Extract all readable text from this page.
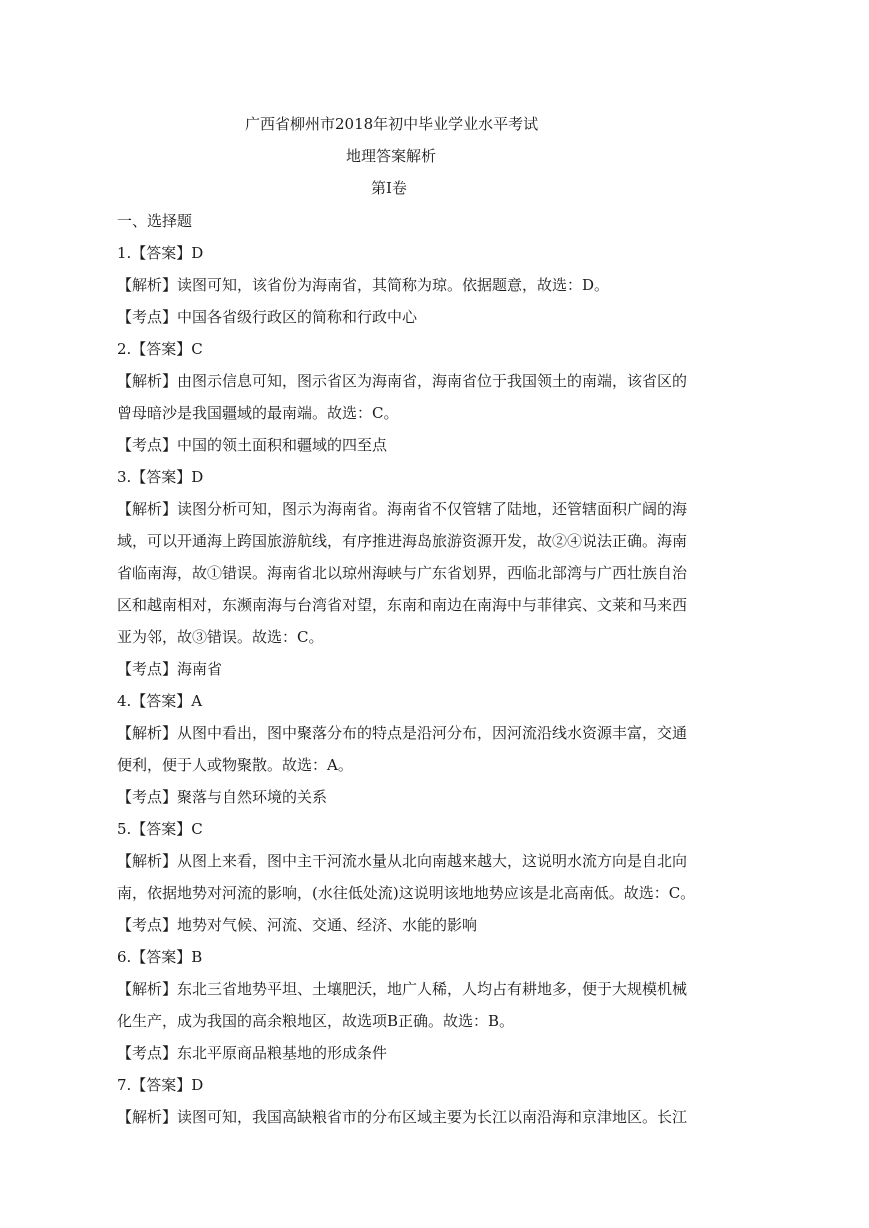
广西省柳州市2018年初中毕业学业水平考试
地理答案解析
第Ⅰ卷
一、选择题
1.【答案】D
【解析】读图可知，该省份为海南省，其简称为琼。依据题意，故选：D。
【考点】中国各省级行政区的简称和行政中心
2.【答案】C
【解析】由图示信息可知，图示省区为海南省，海南省位于我国领土的南端，该省区的
曾母暗沙是我国疆域的最南端。故选：C。
【考点】中国的领土面积和疆域的四至点
3.【答案】D
【解析】读图分析可知，图示为海南省。海南省不仅管辖了陆地，还管辖面积广阔的海
域，可以开通海上跨国旅游航线，有序推进海岛旅游资源开发，故②④说法正确。海南
省临南海，故①错误。海南省北以琼州海峡与广东省划界，西临北部湾与广西壮族自治
区和越南相对，东濒南海与台湾省对望，东南和南边在南海中与菲律宾、文莱和马来西
亚为邻，故③错误。故选：C。
【考点】海南省
4.【答案】A
【解析】从图中看出，图中聚落分布的特点是沿河分布，因河流沿线水资源丰富，交通
便利，便于人或物聚散。故选：A。
【考点】聚落与自然环境的关系
5.【答案】C
【解析】从图上来看，图中主干河流水量从北向南越来越大，这说明水流方向是自北向
南，依据地势对河流的影响，(水往低处流)这说明该地地势应该是北高南低。故选：C。
【考点】地势对气候、河流、交通、经济、水能的影响
6.【答案】B
【解析】东北三省地势平坦、土壤肥沃，地广人稀，人均占有耕地多，便于大规模机械
化生产，成为我国的高余粮地区，故选项B正确。故选：B。
【考点】东北平原商品粮基地的形成条件
7.【答案】D
【解析】读图可知，我国高缺粮省市的分布区域主要为长江以南沿海和京津地区。长江
